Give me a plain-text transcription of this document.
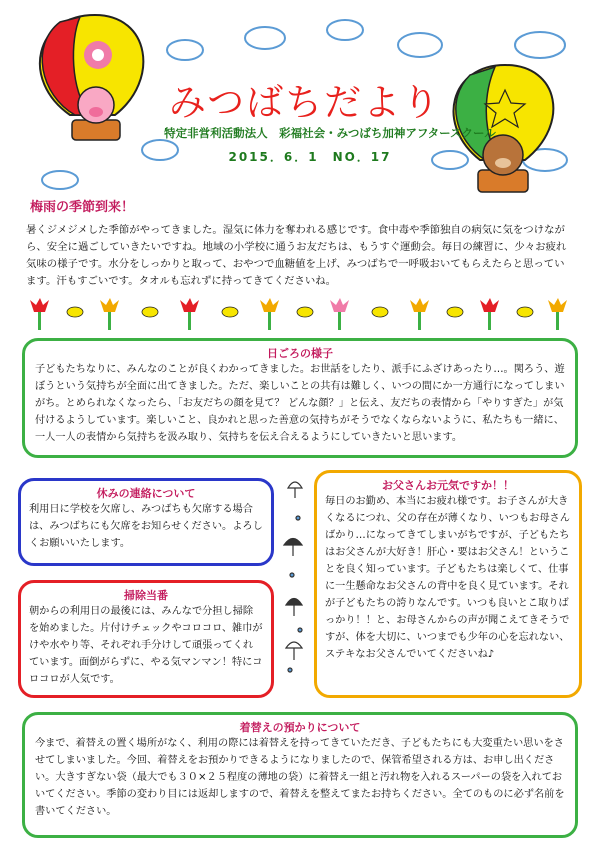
みつばちだより
特定非営利活動法人　彩福社会・みつばち加神アフタースクール
2015．6．1　NO．17
梅雨の季節到来！
暑くジメジメした季節がやってきました。湿気に体力を奪われる感じです。食中毒や季節独自の病気に気をつけながら、安全に過ごしていきたいですね。地域の小学校に通うお友だちは、もうすぐ運動会。毎日の練習に、少々お疲れ気味の様子です。水分をしっかりと取って、おやつで血糖値を上げ、みつばちで一呼吸おいてもらえたらと思っています。汗もすごいです。タオルも忘れずに持ってきてくださいね。
日ごろの様子

子どもたちなりに、みんなのことが良くわかってきました。お世話をしたり、派手にふざけあったり…。関ろう、遊ぼうという気持ちが全面に出てきました。ただ、楽しいことの共有は難しく、いつの間にか一方通行になってしまいがち。とめられなくなったら、「お友だちの顔を見て？ どんな顔？」と伝え、友だちの表情から「やりすぎた」が気付けるようしています。楽しいこと、良かれと思った善意の気持ちがそうでなくならないように、私たちも一緒に、一人一人の表情から気持ちを汲み取り、気持ちを伝え合えるようにしていきたいと思います。

休みの連絡について

利用日に学校を欠席し、みつばちも欠席する場合は、みつばちにも欠席をお知らせください。よろしくお願いいたします。

掃除当番

朝からの利用日の最後には、みんなで分担し掃除を始めました。片付けチェックやコロコロ、雑巾がけや水やり等、それぞれ手分けして頑張ってくれています。面倒がらずに、やる気マンマン！特にコロコロが人気です。

お父さんお元気ですか！！

毎日のお勤め、本当にお疲れ様です。お子さんが大きくなるにつれ、父の存在が薄くなり、いつもお母さんばかり…になってきてしまいがちですが、子どもたちはお父さんが大好き！肝心・要はお父さん！ということを良く知っています。子どもたちは楽しくて、仕事に一生懸命なお父さんの背中を良く見ています。それが子どもたちの誇りなんです。いつも良いとこ取りばっかり！！と、お母さんからの声が聞こえてきそうですが、体を大切に、いつまでも少年の心を忘れない、ステキなお父さんでいてくださいね♪

着替えの預かりについて

今まで、着替えの置く場所がなく、利用の際には着替えを持ってきていただき、子どもたちにも大変重たい思いをさせてしまいました。今回、着替えをお預かりできるようになりましたので、保管希望される方は、お申し出ください。大きすぎない袋（最大でも３０×２５程度の薄地の袋）に着替え一組と汚れ物を入れるスーパーの袋を入れておいてください。季節の変わり目には返却しますので、着替えを整えてまたお持ちください。全てのものに必ず名前を書いてください。
